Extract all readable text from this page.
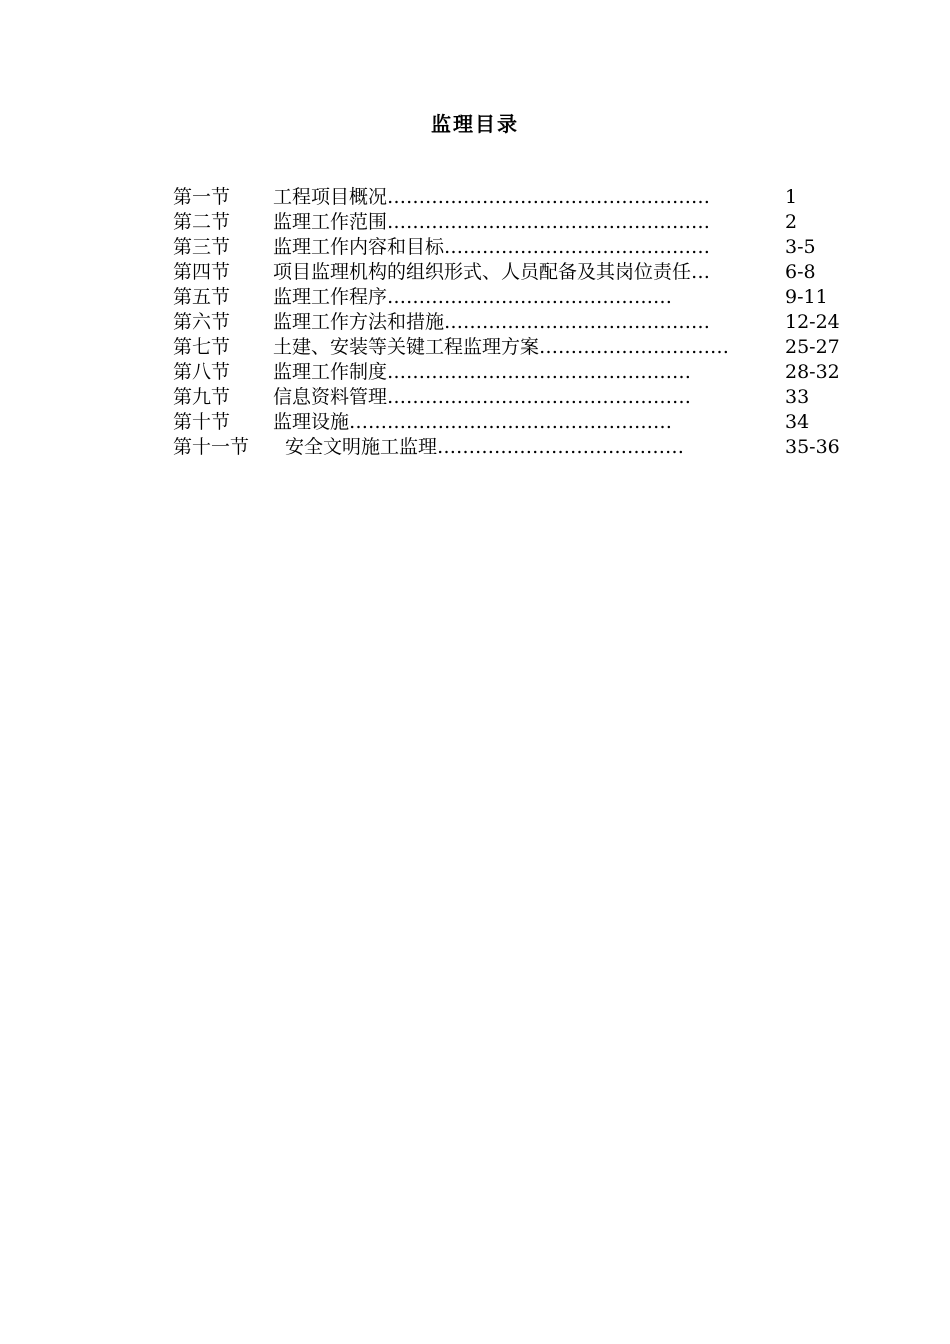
监理目录
第一节 工程项目概况……………………………………………	1
第二节 监理工作范围……………………………………………	2
第三节 监理工作内容和目标……………………………………	3-5
第四节 项目监理机构的组织形式、人员配备及其岗位责任…	6-8
第五节 监理工作程序………………………………………	9-11
第六节 监理工作方法和措施……………………………………	12-24
第七节 土建、安装等关键工程监理方案…………………………	25-27
第八节 监理工作制度…………………………………………	28-32
第九节 信息资料管理…………………………………………	33
第十节 监理设施……………………………………………	34
第十一节 安全文明施工监理…………………………………	35-36
